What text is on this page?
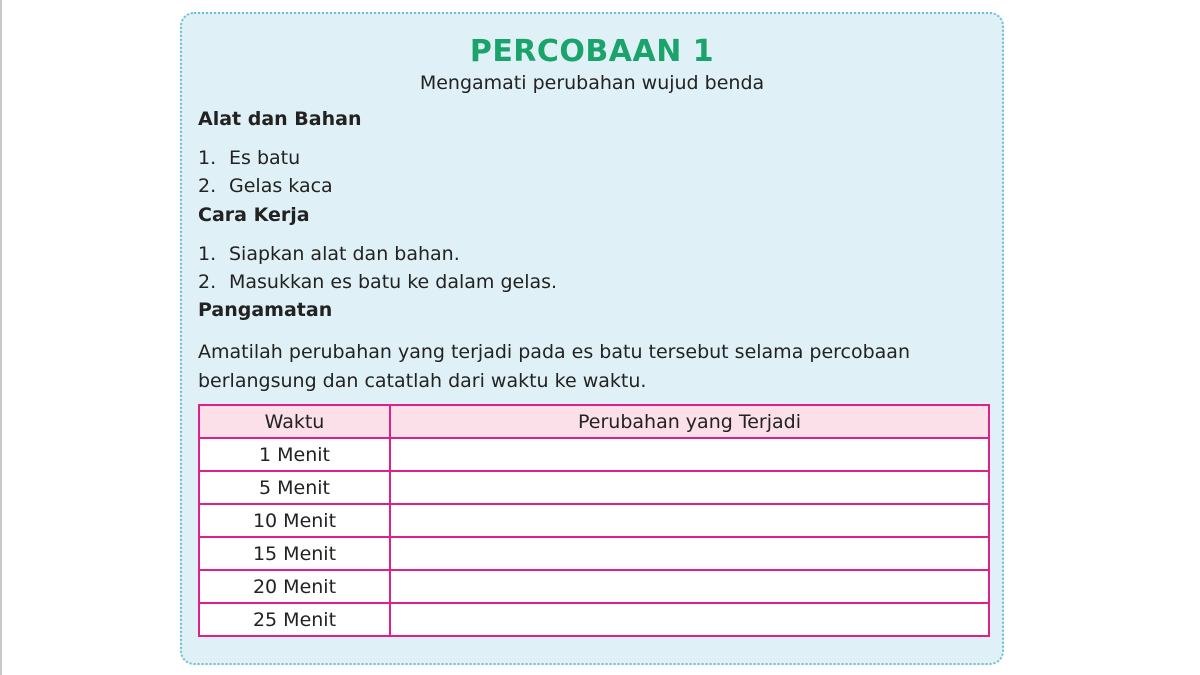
PERCOBAAN 1
Mengamati perubahan wujud benda
Alat dan Bahan
1. Es batu
2. Gelas kaca
Cara Kerja
1. Siapkan alat dan bahan.
2. Masukkan es batu ke dalam gelas.
Pangamatan

Amatilah perubahan yang terjadi pada es batu tersebut selama percobaan berlangsung dan catatlah dari waktu ke waktu.

Waktu	Perubahan yang Terjadi
1 Menit	
5 Menit	
10 Menit	
15 Menit	
20 Menit	
25 Menit	
